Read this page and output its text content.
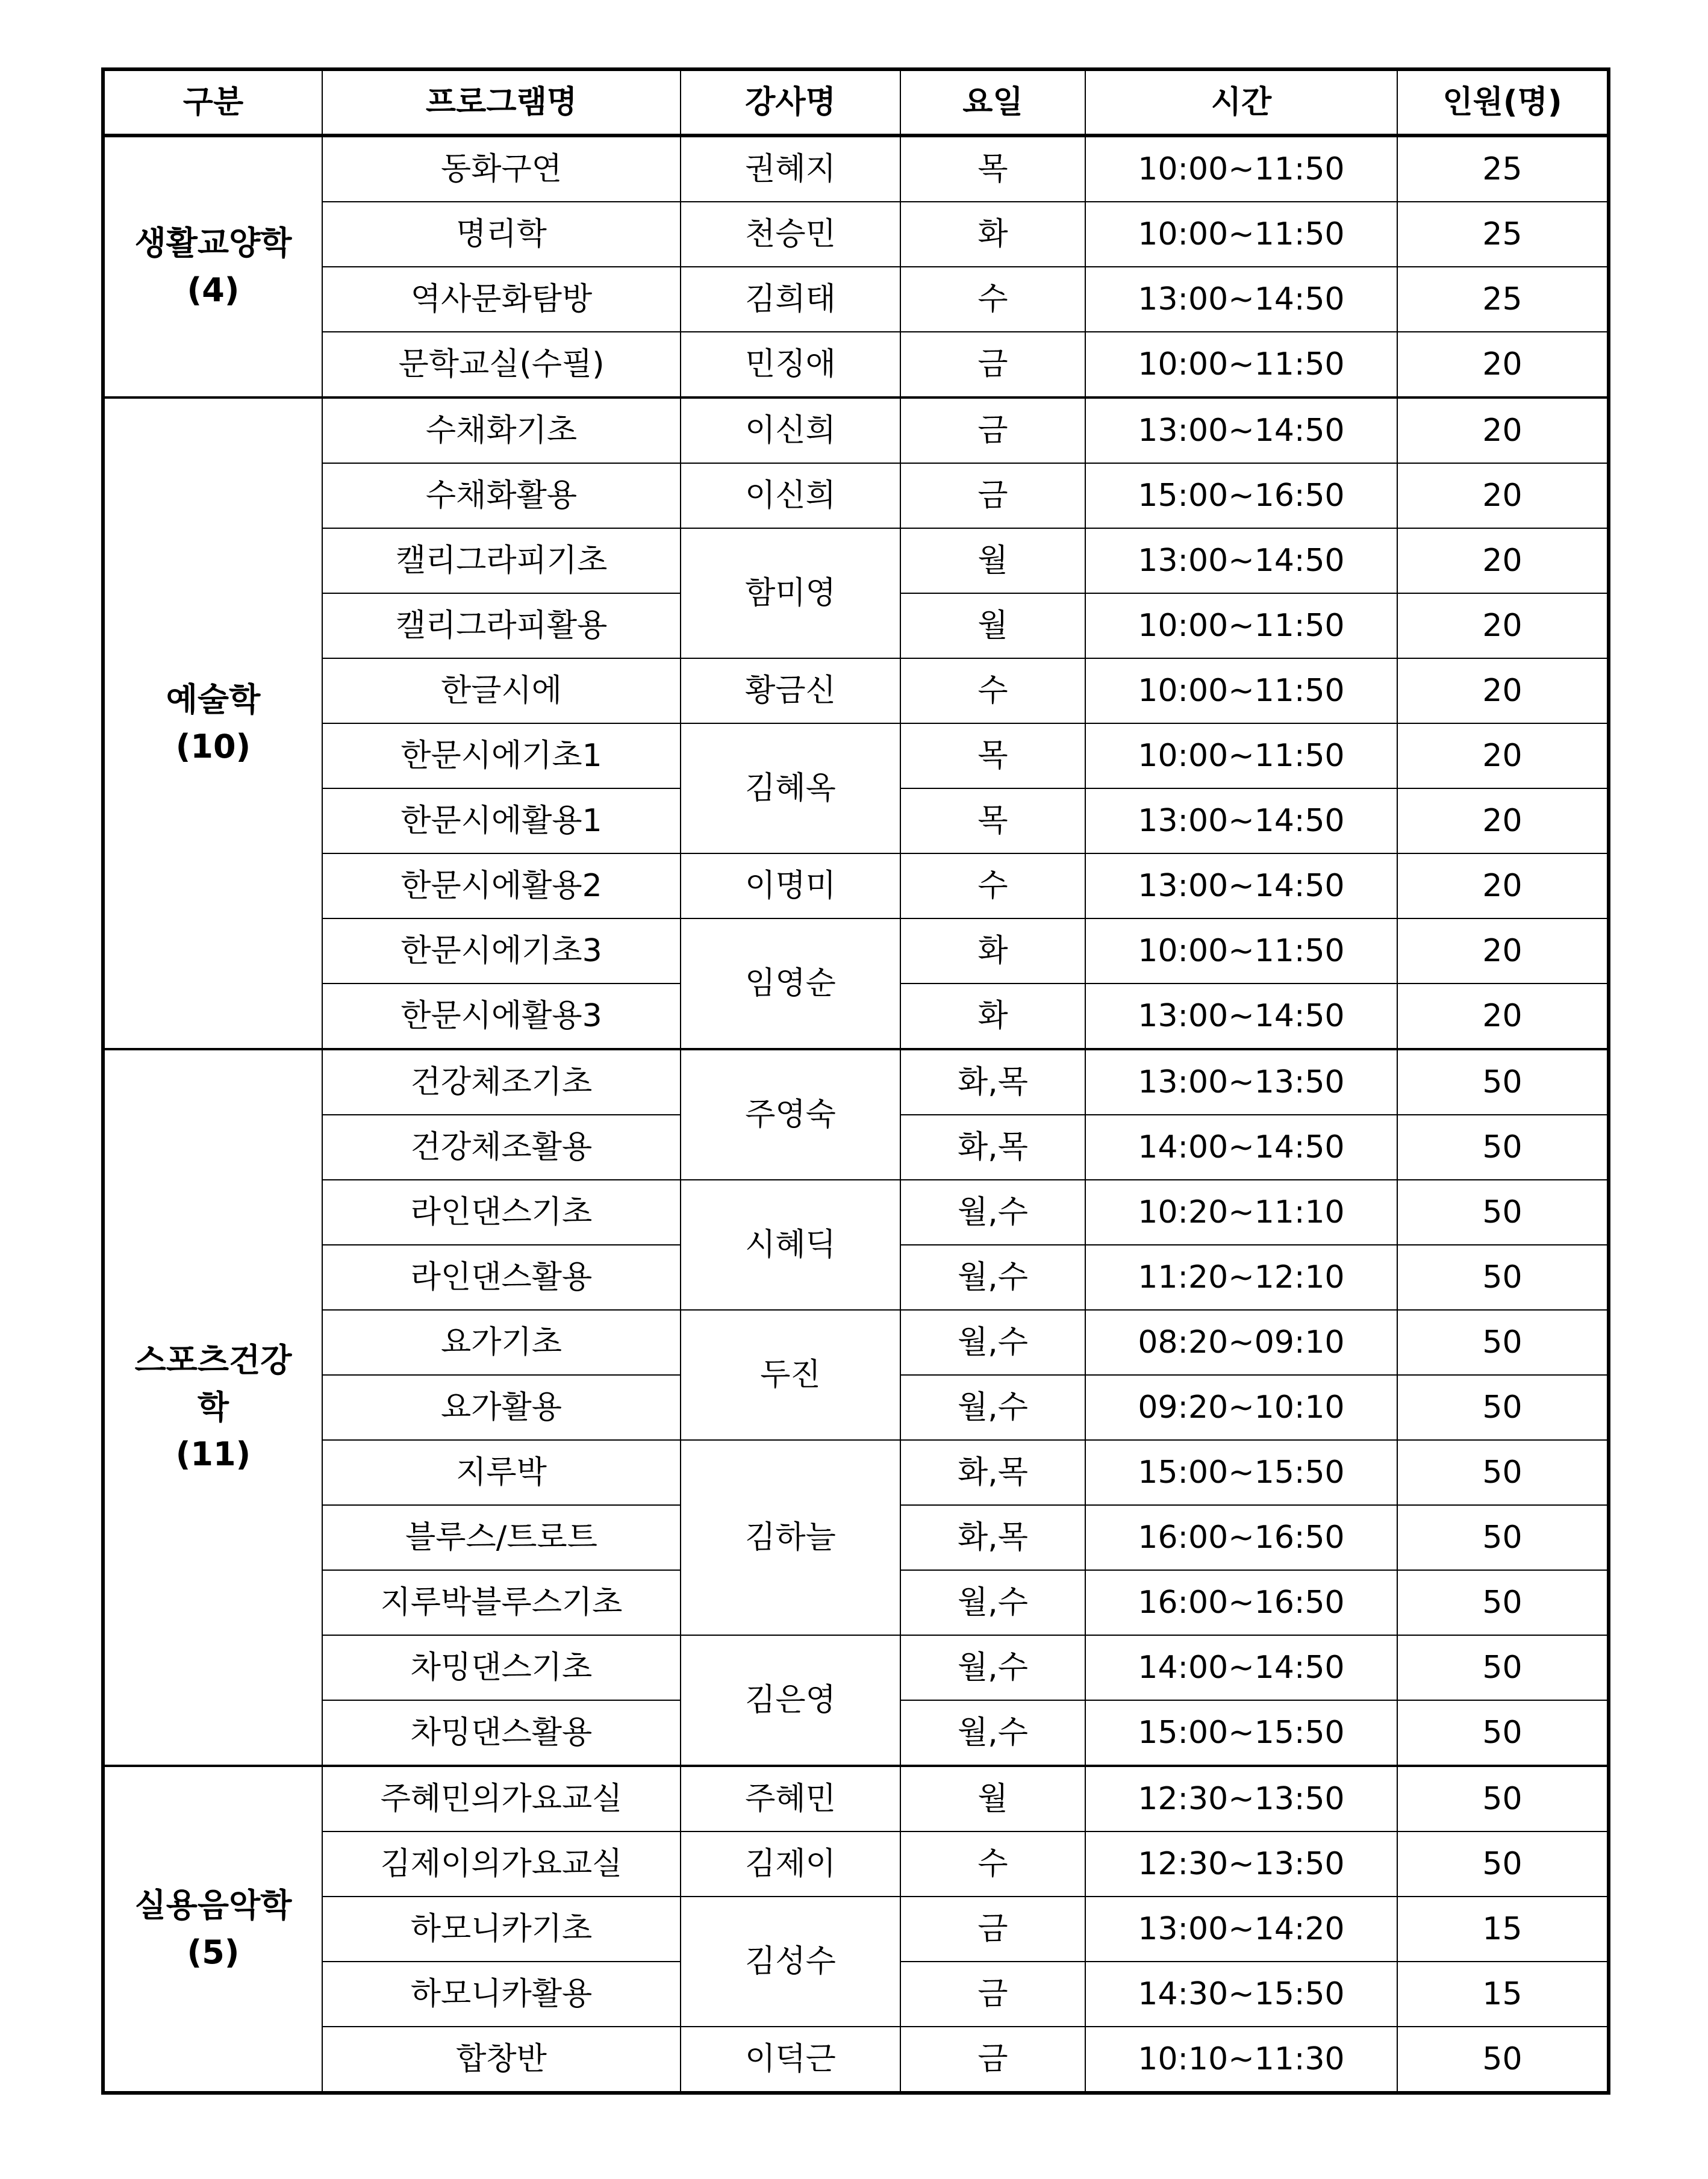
구분	프로그램명	강사명	요일	시간	인원(명)

생활교양학
(4)	동화구연	권혜지	목	10:00~11:50	25
	명리학	천승민	화	10:00~11:50	25
	역사문화탐방	김희태	수	13:00~14:50	25
	문학교실(수필)	민징애	금	10:00~11:50	20

예술학
(10)	수채화기초	이신희	금	13:00~14:50	20
	수채화활용	이신희	금	15:00~16:50	20
	캘리그라피기초	함미영	월	13:00~14:50	20
	캘리그라피활용		월	10:00~11:50	20
	한글시에	황금신	수	10:00~11:50	20
	한문시에기초1	김혜옥	목	10:00~11:50	20
	한문시에활용1		목	13:00~14:50	20
	한문시에활용2	이명미	수	13:00~14:50	20
	한문시에기초3	임영순	화	10:00~11:50	20
	한문시에활용3		화	13:00~14:50	20

스포츠건강학
(11)	건강체조기초	주영숙	화,목	13:00~13:50	50
	건강체조활용		화,목	14:00~14:50	50
	라인댄스기초	시혜딕	월,수	10:20~11:10	50
	라인댄스활용		월,수	11:20~12:10	50
	요가기초	두진	월,수	08:20~09:10	50
	요가활용		월,수	09:20~10:10	50
	지루박	김하늘	화,목	15:00~15:50	50
	블루스/트로트		화,목	16:00~16:50	50
	지루박블루스기초		월,수	16:00~16:50	50
	차밍댄스기초	김은영	월,수	14:00~14:50	50
	차밍댄스활용		월,수	15:00~15:50	50

실용음악학
(5)	주혜민의가요교실	주혜민	월	12:30~13:50	50
	김제이의가요교실	김제이	수	12:30~13:50	50
	하모니카기초	김성수	금	13:00~14:20	15
	하모니카활용		금	14:30~15:50	15
	합창반	이덕근	금	10:10~11:30	50
